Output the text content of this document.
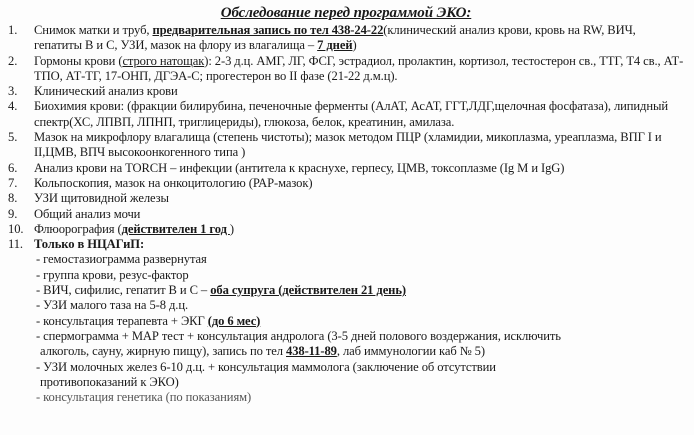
Обследование перед программой ЭКО:
1.	Снимок матки и труб, предварительная запись по тел 438-24-22(клинический анализ крови, кровь на RW, ВИЧ, гепатиты В и С, УЗИ, мазок на флору из влагалища – 7 дней)
2.	Гормоны крови (строго натощак): 2-3 д.ц. АМГ, ЛГ, ФСГ, эстрадиол, пролактин, кортизол, тестостерон св., ТТГ, Т4 св., АТ-ТПО, АТ-ТГ, 17-ОНП, ДГЭА-С; прогестерон во II фазе (21-22 д.м.ц).
3.	Клинический анализ крови
4.	Биохимия крови: (фракции билирубина, печеночные ферменты (АлАТ, АсАТ, ГГТ,ЛДГ,щелочная фосфатаза), липидный спектр(ХС, ЛПВП, ЛПНП, триглицериды), глюкоза, белок, креатинин, амилаза.
5.	Мазок на микрофлору влагалища (степень чистоты); мазок методом ПЦР (хламидии, микоплазма, уреаплазма, ВПГ I и II,ЦМВ, ВПЧ высокоонкогенного типа )
6.	Анализ крови на TORCH – инфекции (антитела к краснухе, герпесу, ЦМВ, токсоплазме (Ig M и IgG)
7.	Кольпоскопия, мазок на онкоцитологию (РАР-мазок)
8.	УЗИ щитовидной железы
9.	Общий анализ мочи
10. Флюорография (действителен 1 год )
11. Только в НЦАГиП:
- гемостазиограмма развернутая
- группа крови, резус-фактор
- ВИЧ, сифилис, гепатит В и С – оба супруга (действителен 21 день)
- УЗИ малого таза на 5-8 д.ц.
- консультация терапевта + ЭКГ (до 6 мес)
- спермограмма + МАР тест + консультация андролога (3-5 дней полового воздержания, исключить
алкоголь, сауну, жирную пищу), запись по тел 438-11-89, лаб иммунологии каб № 5)
- УЗИ молочных желез 6-10 д.ц. + консультация маммолога (заключение об отсутствии
противопоказаний к ЭКО)
- консультация генетика (по показаниям)
